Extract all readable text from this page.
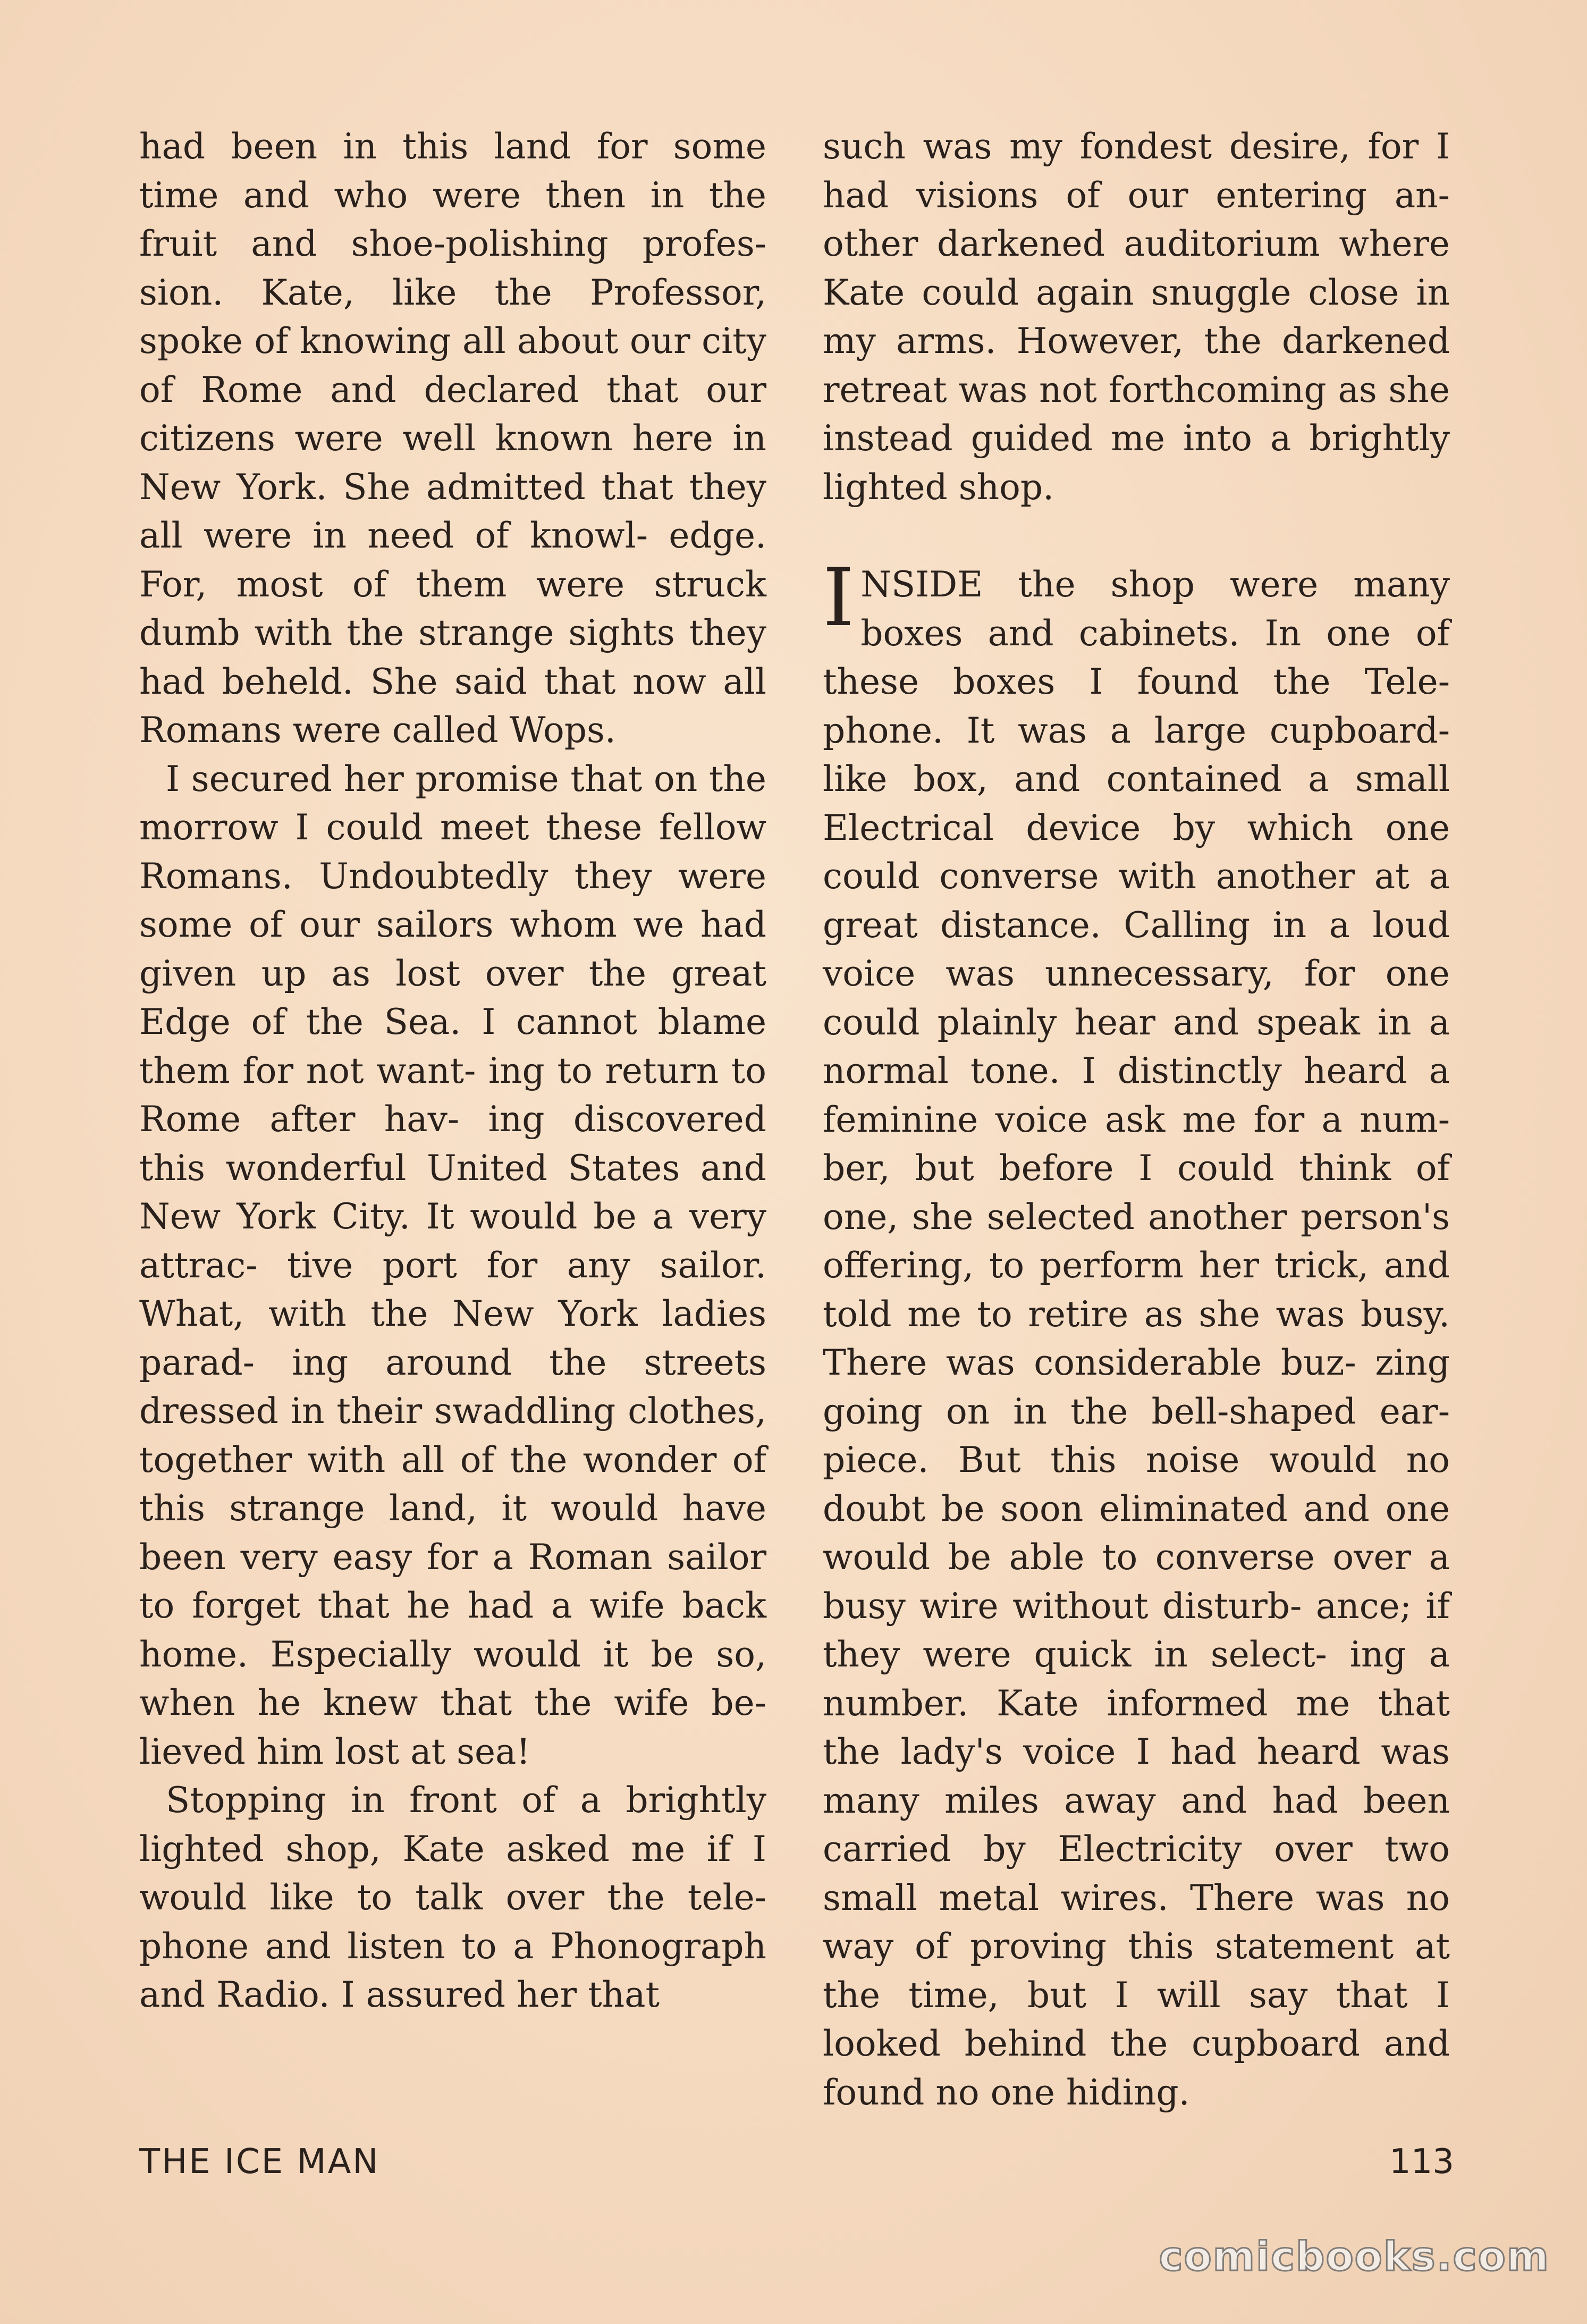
had been in this land for some time and who were then in the fruit and shoe-polishing profes- sion. Kate, like the Professor, spoke of knowing all about our city of Rome and declared that our citizens were well known here in New York. She admitted that they all were in need of knowl- edge. For, most of them were struck dumb with the strange sights they had beheld. She said that now all Romans were called Wops.

I secured her promise that on the morrow I could meet these fellow Romans. Undoubtedly they were some of our sailors whom we had given up as lost over the great Edge of the Sea. I cannot blame them for not want- ing to return to Rome after hav- ing discovered this wonderful United States and New York City. It would be a very attrac- tive port for any sailor. What, with the New York ladies parad- ing around the streets dressed in their swaddling clothes, together with all of the wonder of this strange land, it would have been very easy for a Roman sailor to forget that he had a wife back home. Especially would it be so, when he knew that the wife be- lieved him lost at sea!

Stopping in front of a brightly lighted shop, Kate asked me if I would like to talk over the tele- phone and listen to a Phonograph and Radio. I assured her that

such was my fondest desire, for I had visions of our entering an- other darkened auditorium where Kate could again snuggle close in my arms. However, the darkened retreat was not forthcoming as she instead guided me into a brightly lighted shop.

INSIDE the shop were many boxes and cabinets. In one of these boxes I found the Tele- phone. It was a large cupboard- like box, and contained a small Electrical device by which one could converse with another at a great distance. Calling in a loud voice was unnecessary, for one could plainly hear and speak in a normal tone. I distinctly heard a feminine voice ask me for a num- ber, but before I could think of one, she selected another person's offering, to perform her trick, and told me to retire as she was busy. There was considerable buz- zing going on in the bell-shaped ear-piece. But this noise would no doubt be soon eliminated and one would be able to converse over a busy wire without disturb- ance; if they were quick in select- ing a number. Kate informed me that the lady's voice I had heard was many miles away and had been carried by Electricity over two small metal wires. There was no way of proving this statement at the time, but I will say that I looked behind the cupboard and found no one hiding.

THE ICE MAN	113
comicbooks.com
